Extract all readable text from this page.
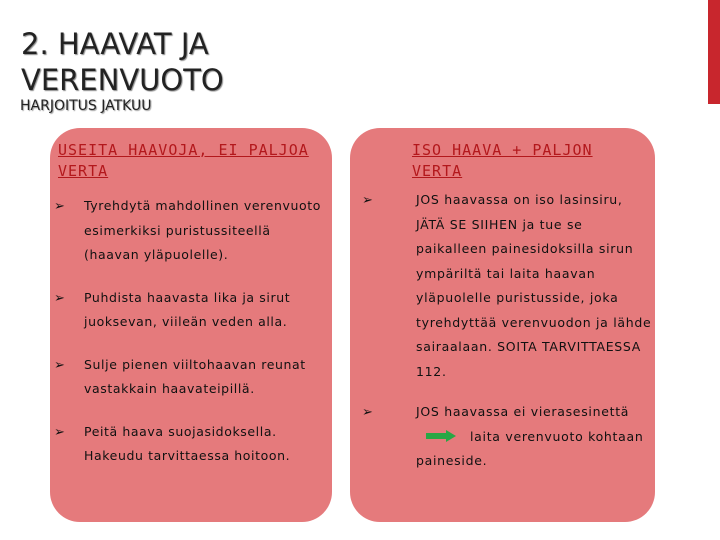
2. HAAVAT JA
VERENVUOTO

HARJOITUS JATKUU

USEITA HAAVOJA, EI PALJOA VERTA
➢ Tyrehdytä mahdollinen verenvuoto esimerkiksi puristussiteellä (haavan yläpuolelle).
➢ Puhdista haavasta lika ja sirut juoksevan, viileän veden alla.
➢ Sulje pienen viiltohaavan reunat vastakkain haavateipillä.
➢ Peitä haava suojasidoksella. Hakeudu tarvittaessa hoitoon.
ISO HAAVA + PALJON VERTA
➢	JOS haavassa on iso lasinsiru, JÄTÄ SE SIIHEN ja tue se paikalleen painesidoksilla sirun ympäriltä tai laita haavan yläpuolelle puristusside, joka tyrehdyttää verenvuodon ja lähde sairaalaan. SOITA TARVITTAESSA 112.
➢	JOS haavassa ei vierasesinettälaita verenvuoto kohtaan paineside.
